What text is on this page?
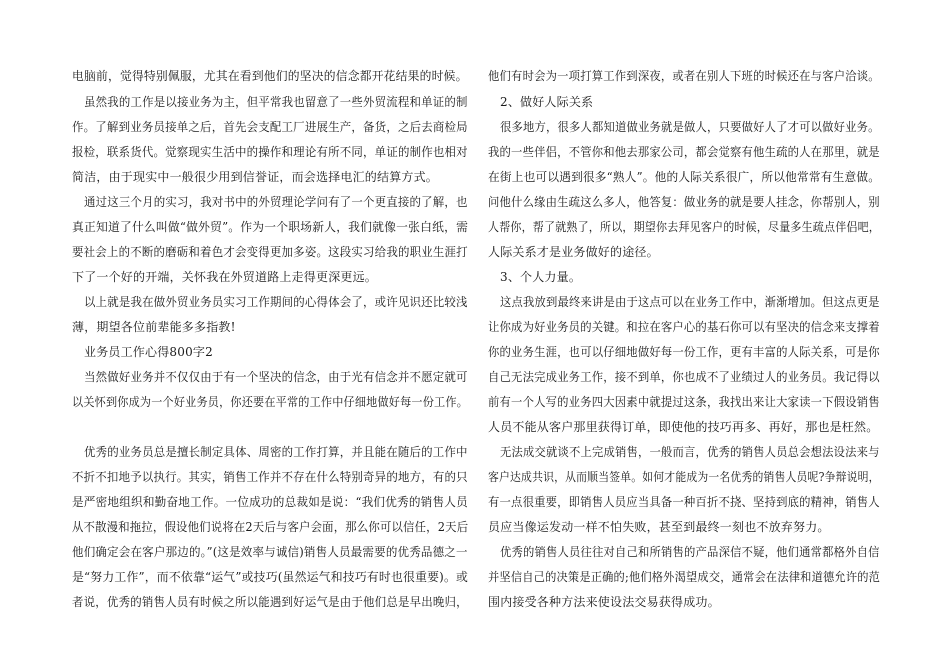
电脑前，觉得特别佩服，尤其在看到他们的坚决的信念都开花结果的时候。
虽然我的工作是以接业务为主，但平常我也留意了一些外贸流程和单证的制
作。了解到业务员接单之后，首先会支配工厂进展生产，备货，之后去商检局
报检，联系货代。觉察现实生活中的操作和理论有所不同，单证的制作也相对
简洁，由于现实中一般很少用到信誉证，而会选择电汇的结算方式。
通过这三个月的实习，我对书中的外贸理论学问有了一个更直接的了解，也
真正知道了什么叫做“做外贸”。作为一个职场新人，我们就像一张白纸，需
要社会上的不断的磨砺和着色才会变得更加多姿。这段实习给我的职业生涯打
下了一个好的开端，关怀我在外贸道路上走得更深更远。
以上就是我在做外贸业务员实习工作期间的心得体会了，或许见识还比较浅
薄，期望各位前辈能多多指教!
业务员工作心得800字2
当然做好业务并不仅仅由于有一个坚决的信念，由于光有信念并不愿定就可
以关怀到你成为一个好业务员，你还要在平常的工作中仔细地做好每一份工作。
优秀的业务员总是擅长制定具体、周密的工作打算，并且能在随后的工作中
不折不扣地予以执行。其实，销售工作并不存在什么特别奇异的地方，有的只
是严密地组织和勤奋地工作。一位成功的总裁如是说：“我们优秀的销售人员
从不散漫和拖拉，假设他们说将在2天后与客户会面，那么你可以信任，2天后
他们确定会在客户那边的。”(这是效率与诚信)销售人员最需要的优秀品德之一
是“努力工作”，而不依靠“运气”或技巧(虽然运气和技巧有时也很重要)。或
者说，优秀的销售人员有时候之所以能遇到好运气是由于他们总是早出晚归，
他们有时会为一项打算工作到深夜，或者在别人下班的时候还在与客户洽谈。
2、做好人际关系
很多地方，很多人都知道做业务就是做人，只要做好人了才可以做好业务。
我的一些伴侣，不管你和他去那家公司，都会觉察有他生疏的人在那里，就是
在街上也可以遇到很多“熟人”。他的人际关系很广，所以他常常有生意做。
问他什么缘由生疏这么多人，他答复：做业务的就是要人挂念，你帮别人，别
人帮你，帮了就熟了，所以，期望你去拜见客户的时候，尽量多生疏点伴侣吧，
人际关系才是业务做好的途径。
3、个人力量。
这点我放到最终来讲是由于这点可以在业务工作中，渐渐增加。但这点更是
让你成为好业务员的关键。和拉在客户心的基石你可以有坚决的信念来支撑着
你的业务生涯，也可以仔细地做好每一份工作，更有丰富的人际关系，可是你
自己无法完成业务工作，接不到单，你也成不了业绩过人的业务员。我记得以
前有一个人写的业务四大因素中就提过这条，我找出来让大家读一下假设销售
人员不能从客户那里获得订单，即使他的技巧再多、再好，那也是枉然。
无法成交就谈不上完成销售，一般而言，优秀的销售人员总会想法设法来与
客户达成共识，从而顺当签单。如何才能成为一名优秀的销售人员呢?争辩说明，
有一点很重要，即销售人员应当具备一种百折不挠、坚持到底的精神，销售人
员应当像运发动一样不怕失败，甚至到最终一刻也不放弃努力。
优秀的销售人员往往对自己和所销售的产品深信不疑，他们通常都格外自信
并坚信自己的决策是正确的;他们格外渴望成交，通常会在法律和道德允许的范
围内接受各种方法来使设法交易获得成功。
